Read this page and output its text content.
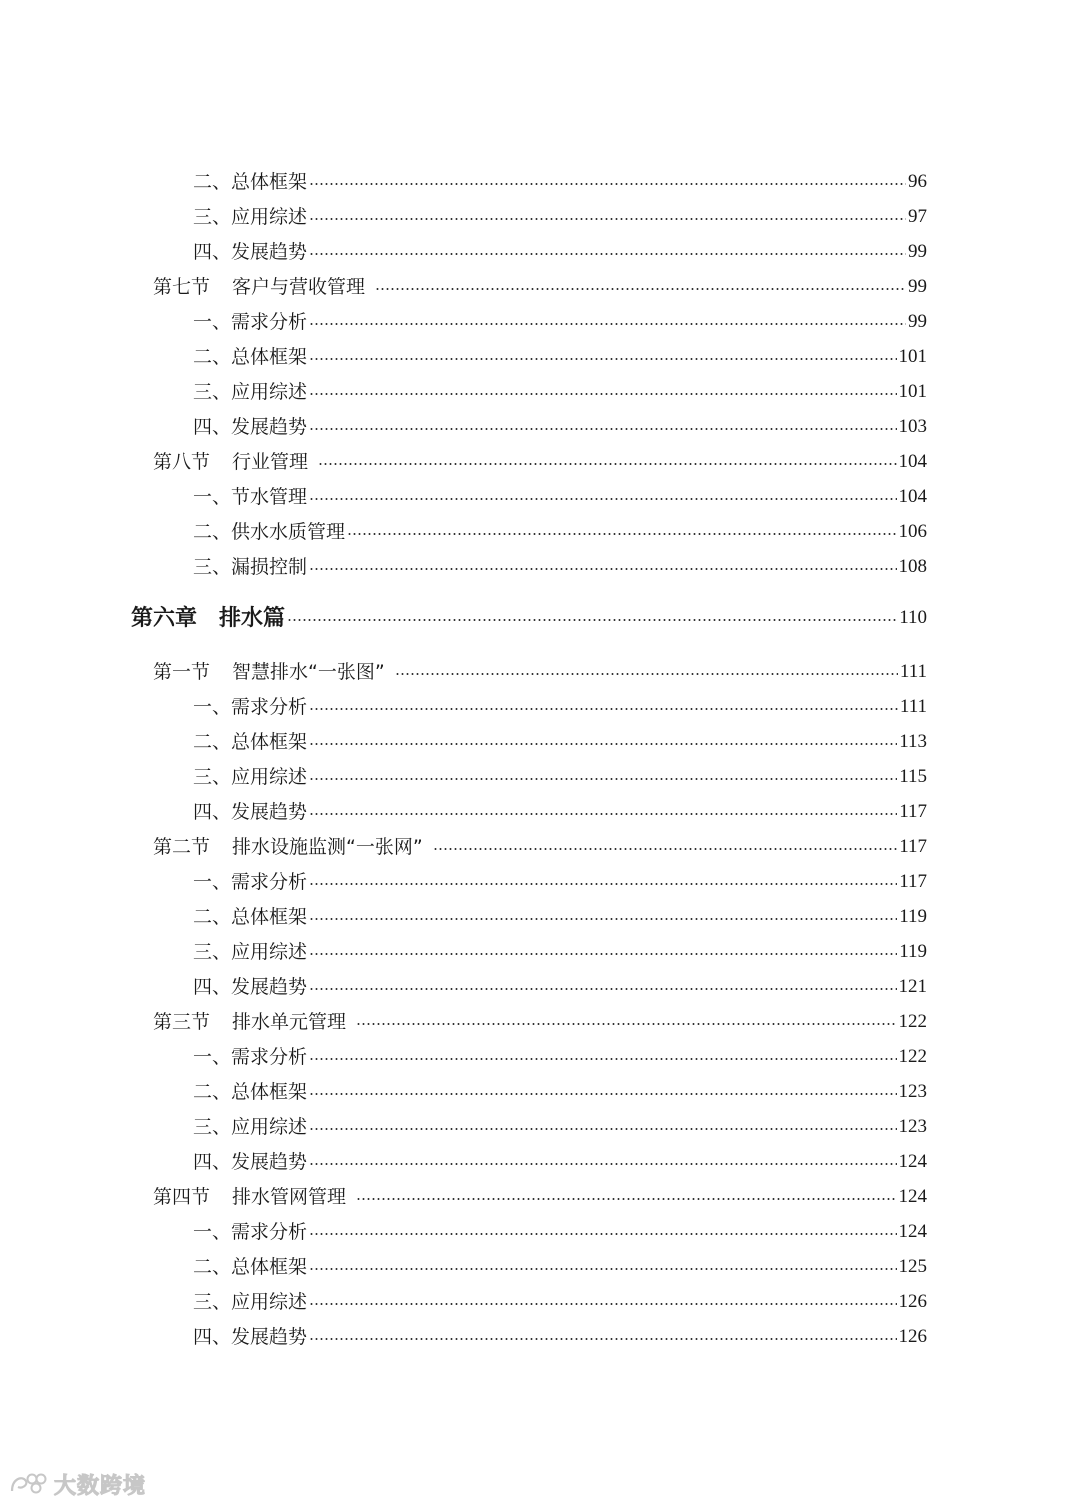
二、总体框架	96
三、应用综述	97
四、发展趋势	99
第七节 客户与营收管理	99
一、需求分析	99
二、总体框架	101
三、应用综述	101
四、发展趋势	103
第八节 行业管理	104
一、节水管理	104
二、供水水质管理	106
三、漏损控制	108
第六章 排水篇	110
第一节 智慧排水“一张图”	111
一、需求分析	111
二、总体框架	113
三、应用综述	115
四、发展趋势	117
第二节 排水设施监测“一张网”	117
一、需求分析	117
二、总体框架	119
三、应用综述	119
四、发展趋势	121
第三节 排水单元管理	122
一、需求分析	122
二、总体框架	123
三、应用综述	123
四、发展趋势	124
第四节 排水管网管理	124
一、需求分析	124
二、总体框架	125
三、应用综述	126
四、发展趋势	126
大数跨境
